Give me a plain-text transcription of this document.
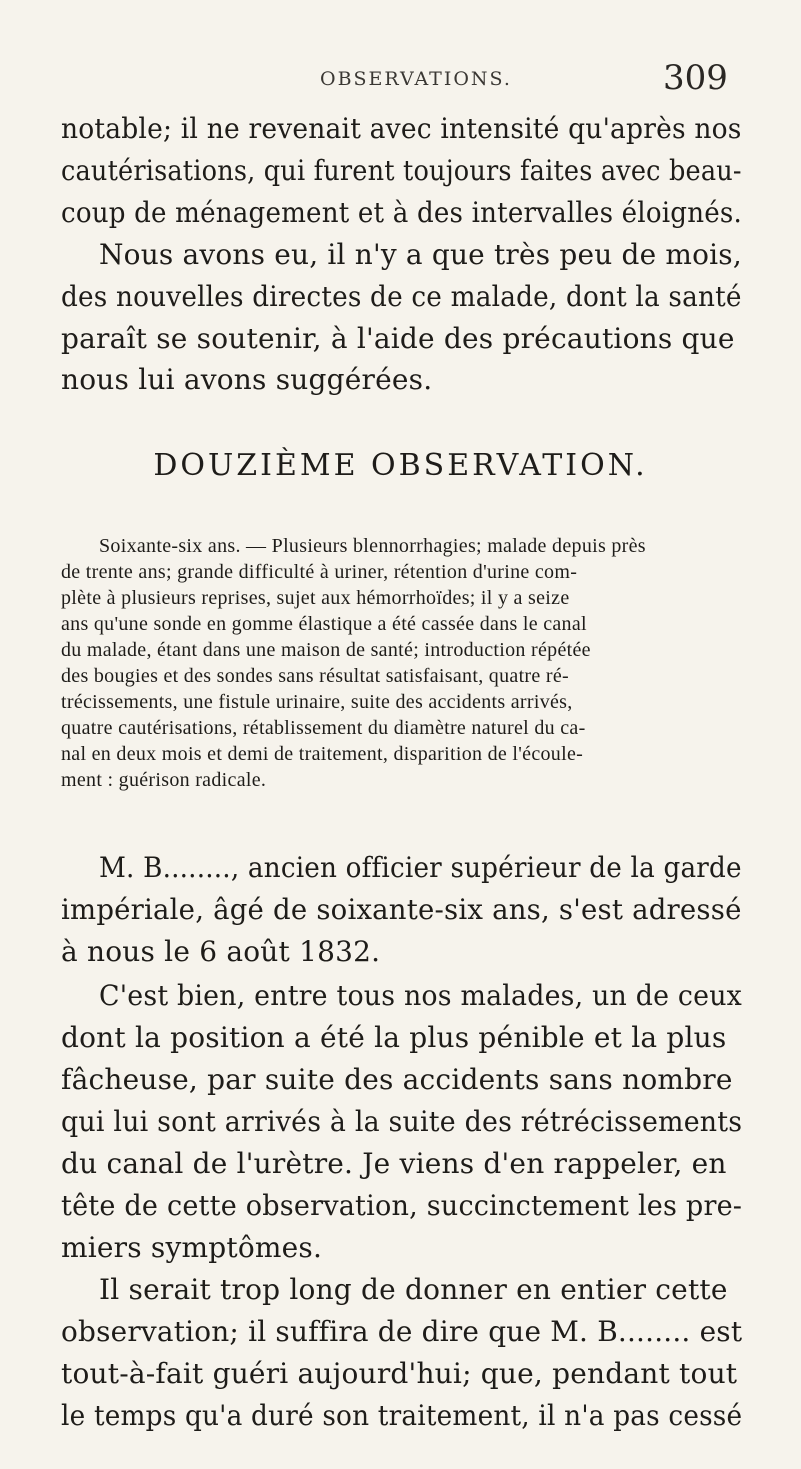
OBSERVATIONS.	309
notable; il ne revenait avec intensité qu'après nos
cautérisations, qui furent toujours faites avec beau-
coup de ménagement et à des intervalles éloignés.
Nous avons eu, il n'y a que très peu de mois,
des nouvelles directes de ce malade, dont la santé
paraît se soutenir, à l'aide des précautions que
nous lui avons suggérées.
DOUZIÈME OBSERVATION.
Soixante-six ans. — Plusieurs blennorrhagies; malade depuis près
de trente ans; grande difficulté à uriner, rétention d'urine com-
plète à plusieurs reprises, sujet aux hémorrhoïdes; il y a seize
ans qu'une sonde en gomme élastique a été cassée dans le canal
du malade, étant dans une maison de santé; introduction répétée
des bougies et des sondes sans résultat satisfaisant, quatre ré-
trécissements, une fistule urinaire, suite des accidents arrivés,
quatre cautérisations, rétablissement du diamètre naturel du ca-
nal en deux mois et demi de traitement, disparition de l'écoule-
ment : guérison radicale.
M. B........, ancien officier supérieur de la garde
impériale, âgé de soixante-six ans, s'est adressé
à nous le 6 août 1832.
C'est bien, entre tous nos malades, un de ceux
dont la position a été la plus pénible et la plus
fâcheuse, par suite des accidents sans nombre
qui lui sont arrivés à la suite des rétrécissements
du canal de l'urètre. Je viens d'en rappeler, en
tête de cette observation, succinctement les pre-
miers symptômes.
Il serait trop long de donner en entier cette
observation; il suffira de dire que M. B........ est
tout-à-fait guéri aujourd'hui; que, pendant tout
le temps qu'a duré son traitement, il n'a pas cessé
